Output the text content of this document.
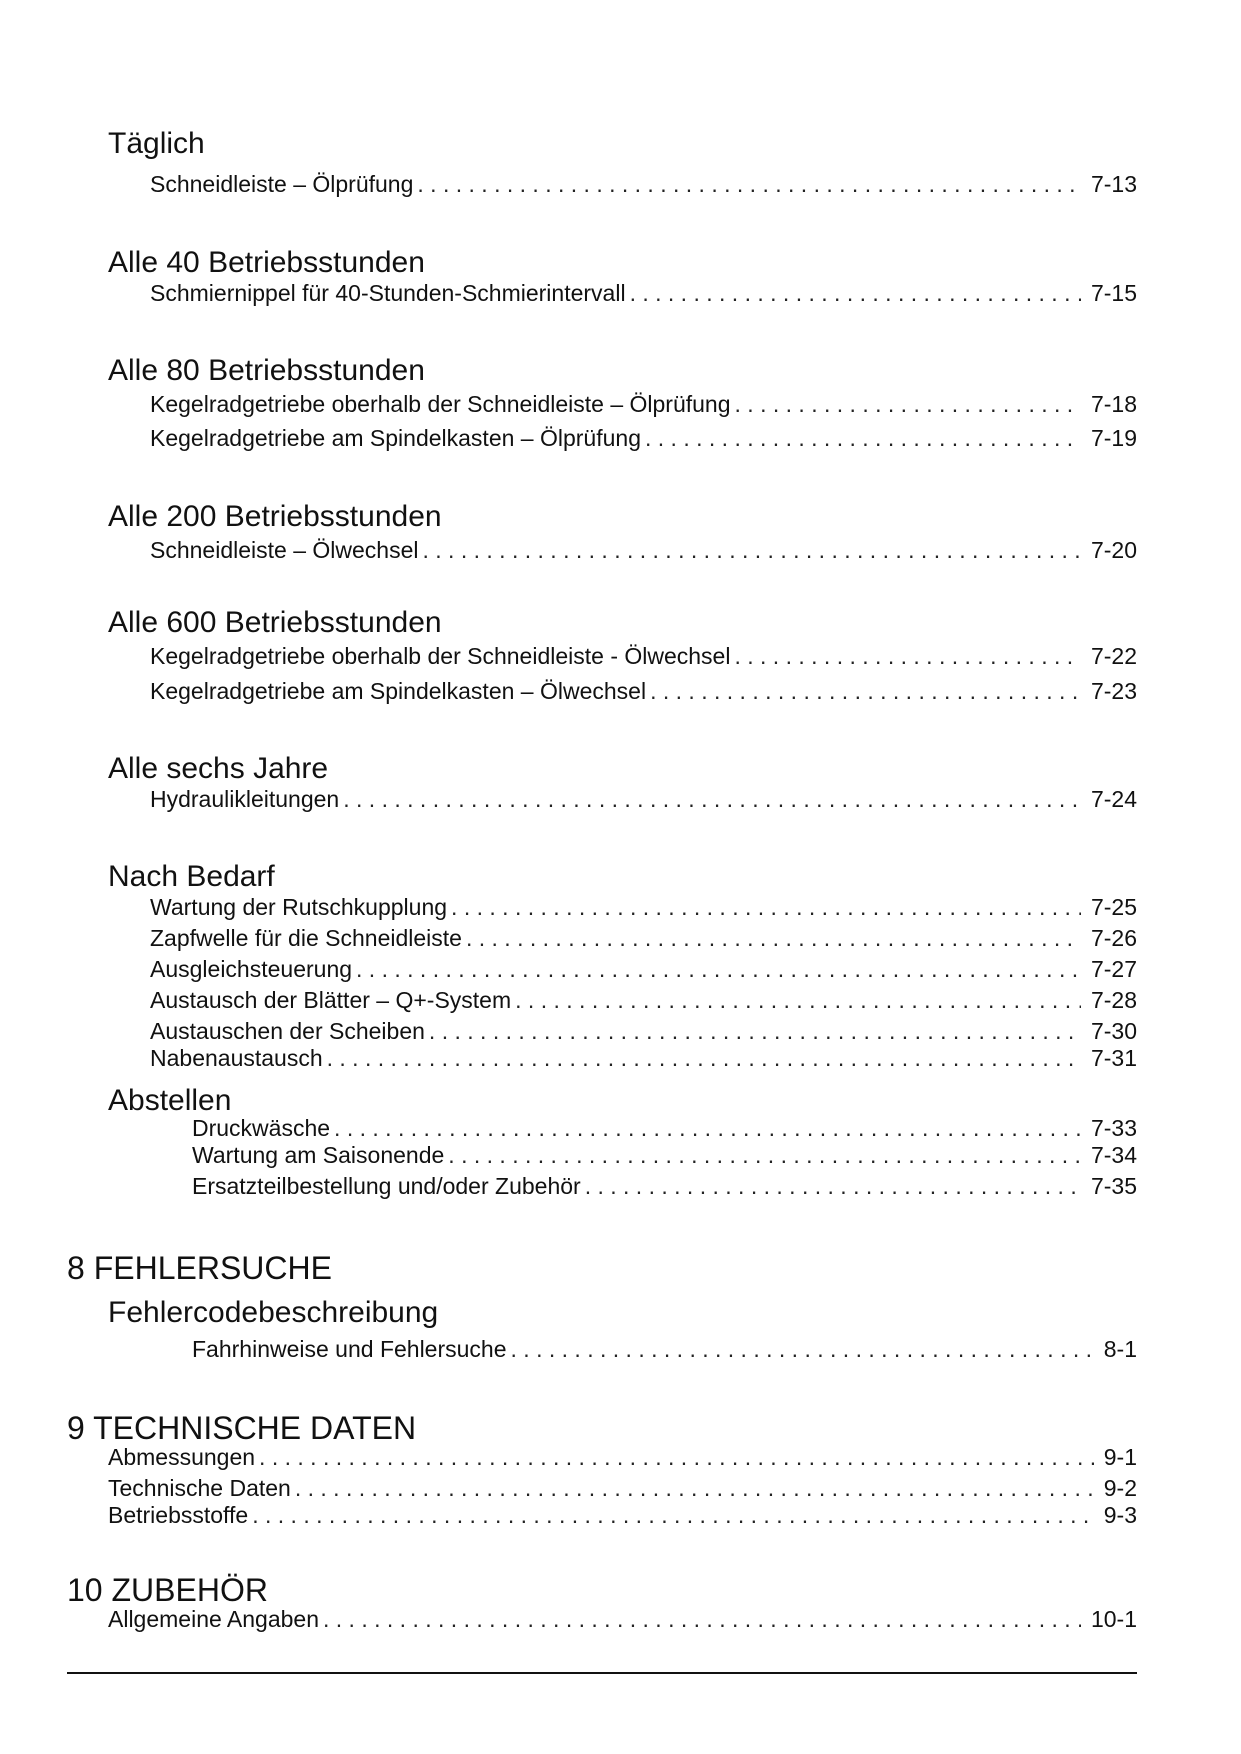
Täglich
Schneidleiste – Ölprüfung . . .	7-13
Alle 40 Betriebsstunden
Schmiernippel für 40-Stunden-Schmierintervall . . .	7-15
Alle 80 Betriebsstunden
Kegelradgetriebe oberhalb der Schneidleiste – Ölprüfung . . .	7-18
Kegelradgetriebe am Spindelkasten – Ölprüfung . . .	7-19
Alle 200 Betriebsstunden
Schneidleiste – Ölwechsel . . .	7-20
Alle 600 Betriebsstunden
Kegelradgetriebe oberhalb der Schneidleiste - Ölwechsel . . .	7-22
Kegelradgetriebe am Spindelkasten – Ölwechsel . . .	7-23
Alle sechs Jahre
Hydraulikleitungen . . .	7-24
Nach Bedarf
Wartung der Rutschkupplung . . .	7-25
Zapfwelle für die Schneidleiste . . .	7-26
Ausgleichsteuerung . . .	7-27
Austausch der Blätter – Q+-System . . .	7-28
Austauschen der Scheiben . . .	7-30
Nabenaustausch . . .	7-31
Abstellen
Druckwäsche . . .	7-33
Wartung am Saisonende . . .	7-34
Ersatzteilbestellung und/oder Zubehör . . .	7-35
8 FEHLERSUCHE
Fehlercodebeschreibung
Fahrhinweise und Fehlersuche . . .	8-1
9 TECHNISCHE DATEN
Abmessungen . . .	9-1
Technische Daten . . .	9-2
Betriebsstoffe . . .	9-3
10 ZUBEHÖR
Allgemeine Angaben . . .	10-1
